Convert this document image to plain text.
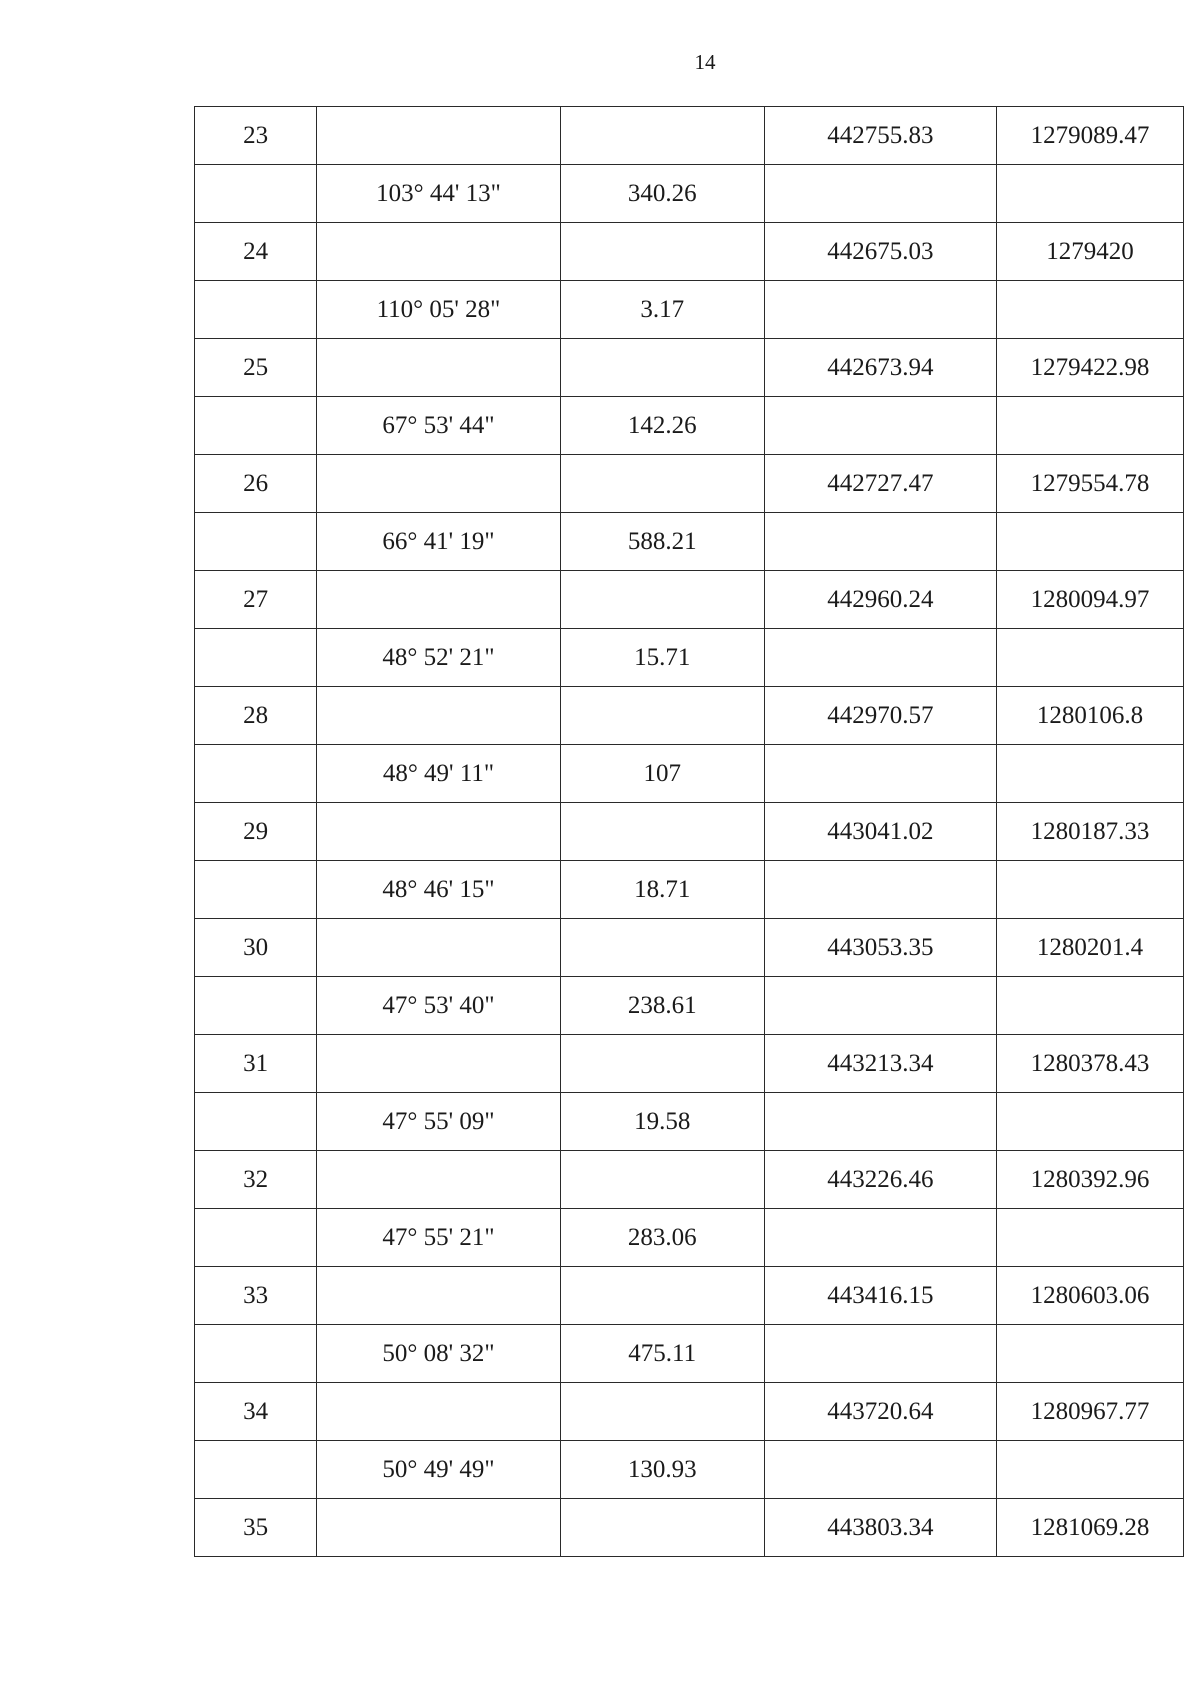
14
23			442755.83	1279089.47
	103° 44' 13"	340.26		
24			442675.03	1279420
	110° 05' 28"	3.17		
25			442673.94	1279422.98
	67° 53' 44"	142.26		
26			442727.47	1279554.78
	66° 41' 19"	588.21		
27			442960.24	1280094.97
	48° 52' 21"	15.71		
28			442970.57	1280106.8
	48° 49' 11"	107		
29			443041.02	1280187.33
	48° 46' 15"	18.71		
30			443053.35	1280201.4
	47° 53' 40"	238.61		
31			443213.34	1280378.43
	47° 55' 09"	19.58		
32			443226.46	1280392.96
	47° 55' 21"	283.06		
33			443416.15	1280603.06
	50° 08' 32"	475.11		
34			443720.64	1280967.77
	50° 49' 49"	130.93		
35			443803.34	1281069.28
